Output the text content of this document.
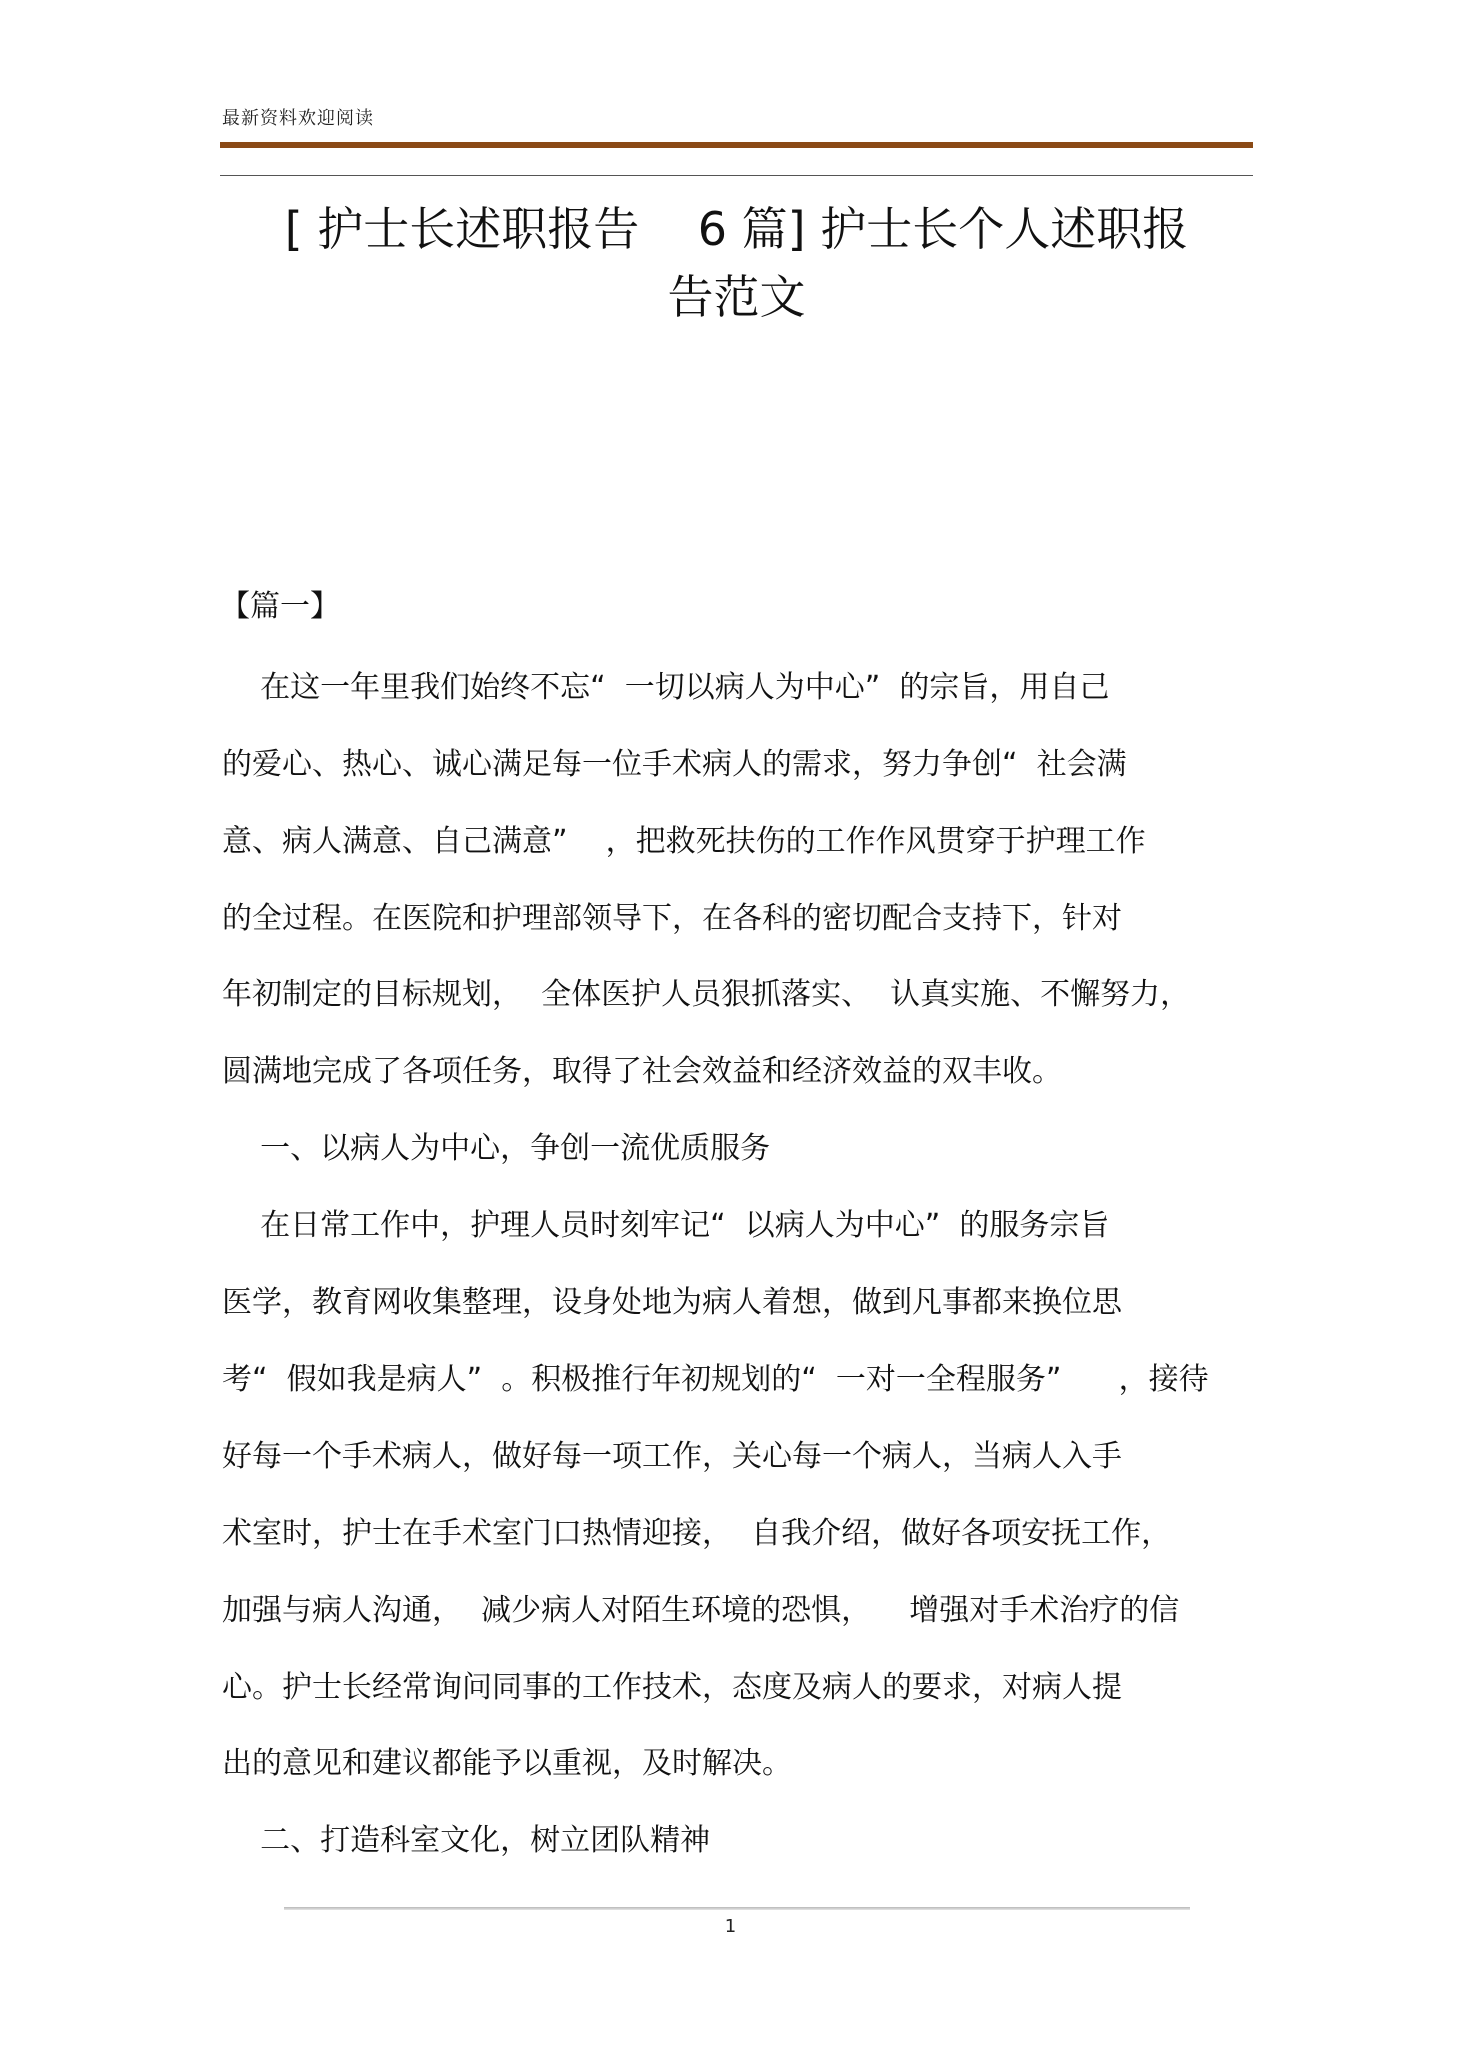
最新资料欢迎阅读
[ 护士长述职报告    6 篇] 护士长个人述职报
告范文
【篇一】
在这一年里我们始终不忘“  一切以病人为中心”  的宗旨，用自己
的爱心、热心、诚心满足每一位手术病人的需求，努力争创“  社会满
意、病人满意、自己满意”    ，把救死扶伤的工作作风贯穿于护理工作
的全过程。在医院和护理部领导下，在各科的密切配合支持下，针对
年初制定的目标规划，  全体医护人员狠抓落实、  认真实施、不懈努力，
圆满地完成了各项任务，取得了社会效益和经济效益的双丰收。
一、以病人为中心，争创一流优质服务
在日常工作中，护理人员时刻牢记“  以病人为中心”  的服务宗旨
医学，教育网收集整理，设身处地为病人着想，做到凡事都来换位思
考“  假如我是病人”  。积极推行年初规划的“  一对一全程服务”      ，接待
好每一个手术病人，做好每一项工作，关心每一个病人，当病人入手
术室时，护士在手术室门口热情迎接，  自我介绍，做好各项安抚工作，
加强与病人沟通，  减少病人对陌生环境的恐惧，    增强对手术治疗的信
心。护士长经常询问同事的工作技术，态度及病人的要求，对病人提
出的意见和建议都能予以重视，及时解决。
二、打造科室文化，树立团队精神
1
